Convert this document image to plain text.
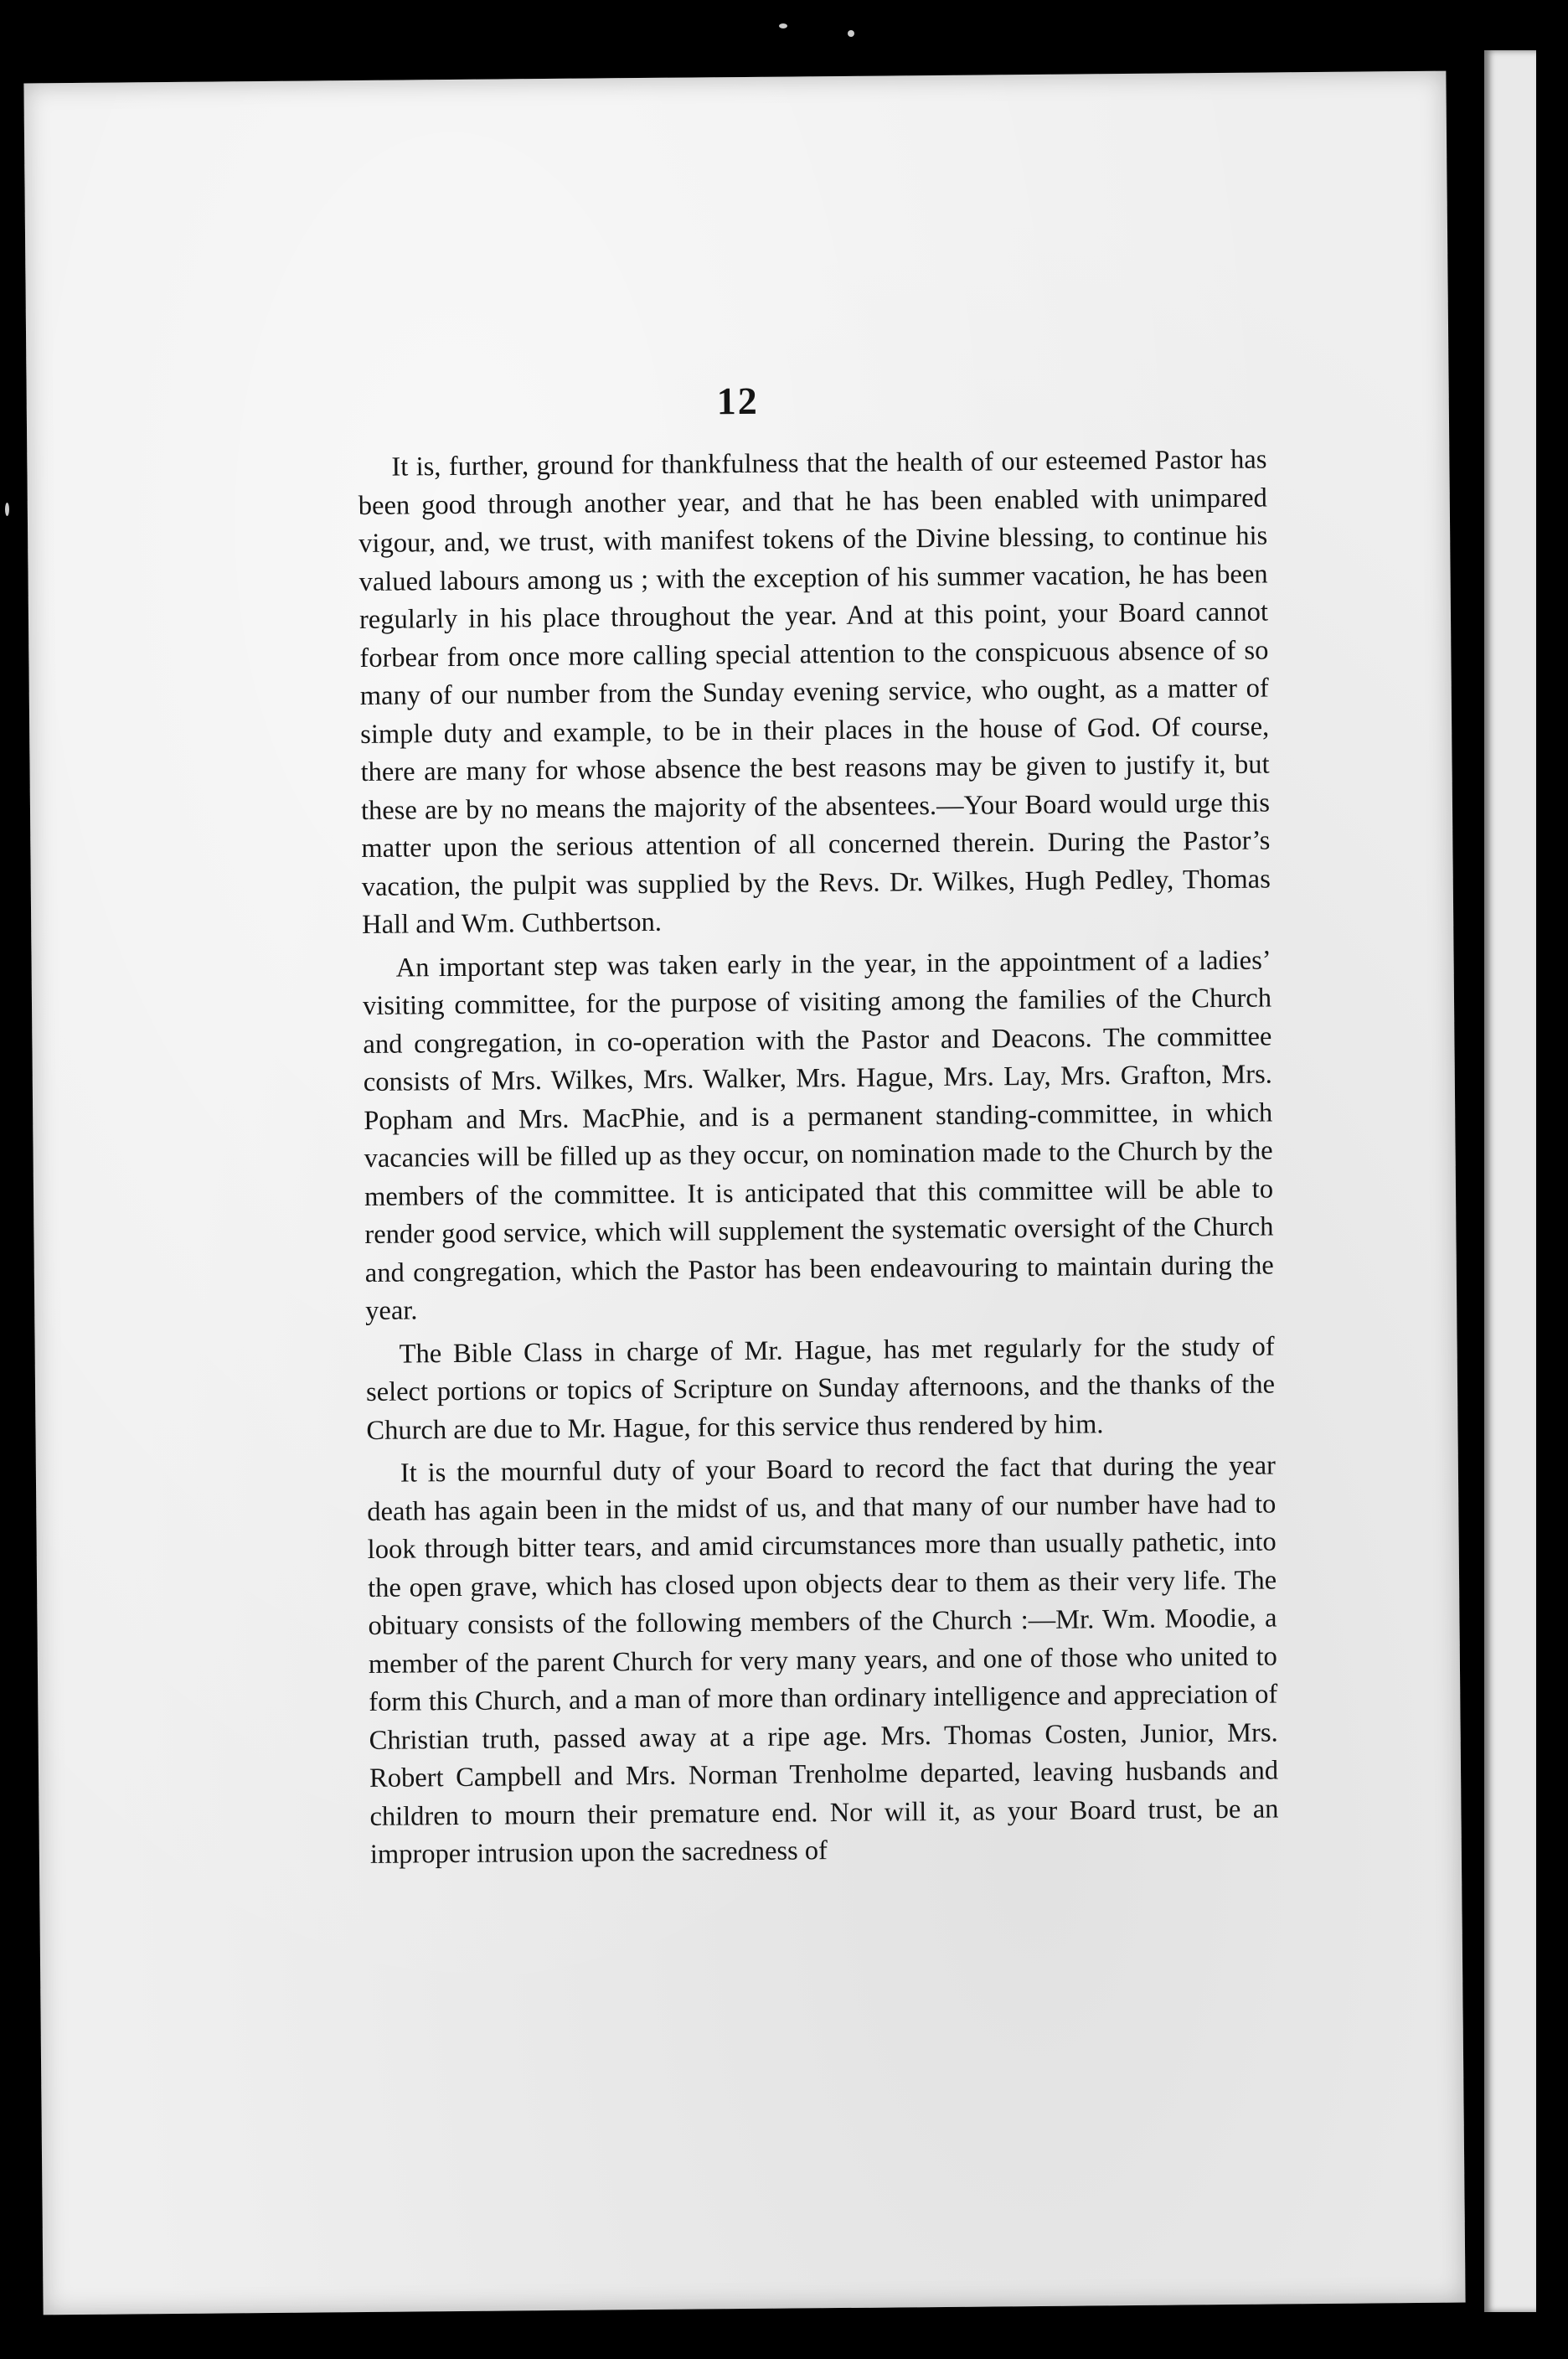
12

It is, further, ground for thankfulness that the health of our esteemed Pastor has been good through another year, and that he has been enabled with unimpared vigour, and, we trust, with manifest tokens of the Divine blessing, to continue his valued labours among us ; with the exception of his summer vacation, he has been regularly in his place throughout the year. And at this point, your Board cannot forbear from once more calling special attention to the conspicuous absence of so many of our number from the Sunday evening service, who ought, as a matter of simple duty and example, to be in their places in the house of God. Of course, there are many for whose absence the best reasons may be given to justify it, but these are by no means the majority of the absentees.—Your Board would urge this matter upon the serious attention of all concerned therein. During the Pastor’s vacation, the pulpit was supplied by the Revs. Dr. Wilkes, Hugh Pedley, Thomas Hall and Wm. Cuthbertson.

An important step was taken early in the year, in the appointment of a ladies’ visiting committee, for the purpose of visiting among the families of the Church and congregation, in co-operation with the Pastor and Deacons. The committee consists of Mrs. Wilkes, Mrs. Walker, Mrs. Hague, Mrs. Lay, Mrs. Grafton, Mrs. Popham and Mrs. MacPhie, and is a permanent standing-committee, in which vacancies will be filled up as they occur, on nomination made to the Church by the members of the committee. It is anticipated that this committee will be able to render good service, which will supplement the systematic oversight of the Church and congregation, which the Pastor has been endeavouring to maintain during the year.

The Bible Class in charge of Mr. Hague, has met regularly for the study of select portions or topics of Scripture on Sunday afternoons, and the thanks of the Church are due to Mr. Hague, for this service thus rendered by him.

It is the mournful duty of your Board to record the fact that during the year death has again been in the midst of us, and that many of our number have had to look through bitter tears, and amid circumstances more than usually pathetic, into the open grave, which has closed upon objects dear to them as their very life. The obituary consists of the following members of the Church :—Mr. Wm. Moodie, a member of the parent Church for very many years, and one of those who united to form this Church, and a man of more than ordinary intelligence and appreciation of Christian truth, passed away at a ripe age. Mrs. Thomas Costen, Junior, Mrs. Robert Campbell and Mrs. Norman Trenholme departed, leaving husbands and children to mourn their premature end. Nor will it, as your Board trust, be an improper intrusion upon the sacredness of
